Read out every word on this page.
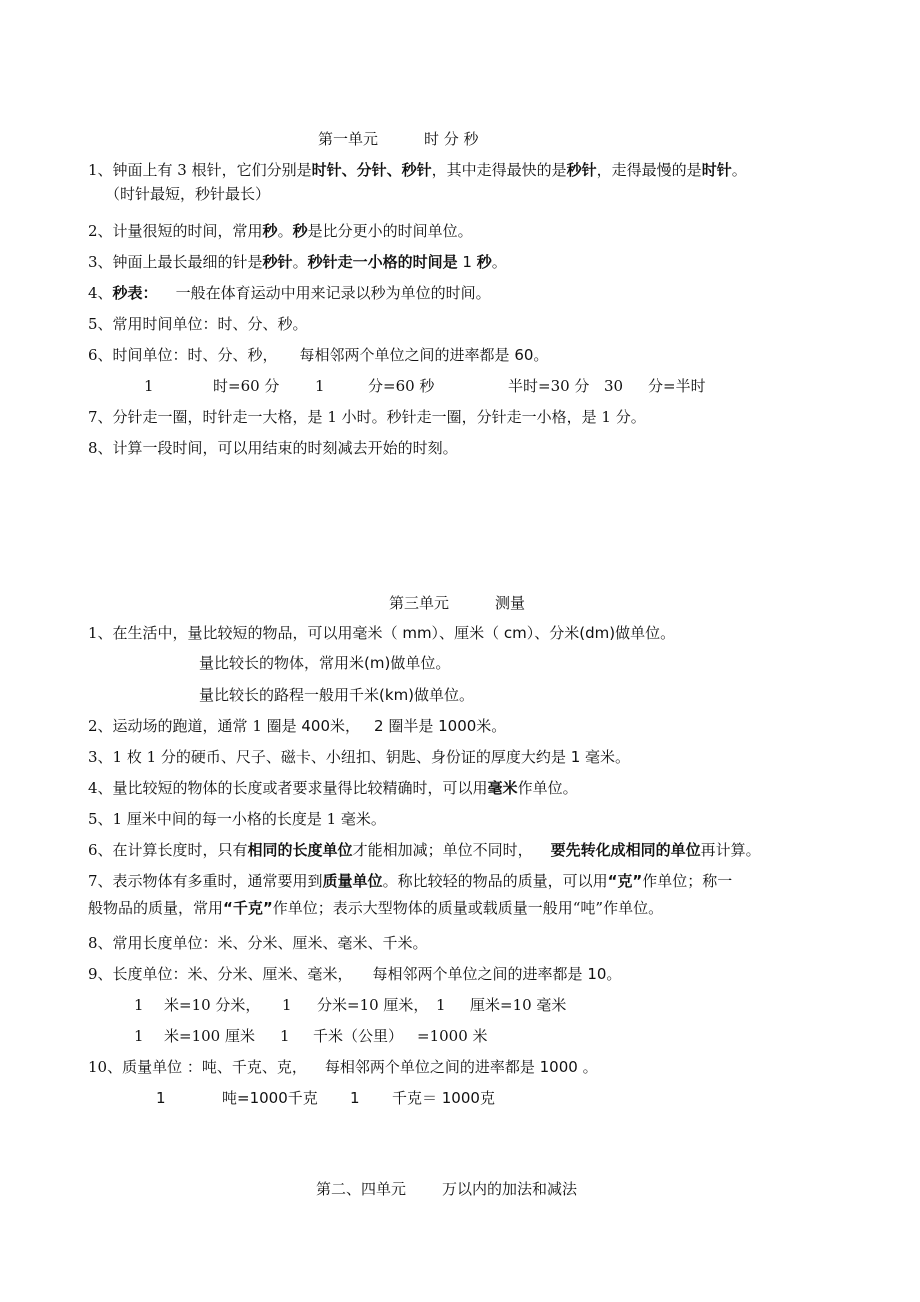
第一单元	时 分 秒
1、钟面上有 3 根针，它们分别是时针、分针、秒针，其中走得最快的是秒针，走得最慢的是时针。
（时针最短，秒针最长）
2、计量很短的时间，常用秒。秒是比分更小的时间单位。
3、钟面上最长最细的针是秒针。秒针走一小格的时间是 1 秒。
4、秒表： 一般在体育运动中用来记录以秒为单位的时间。
5、常用时间单位：时、分、秒。
6、时间单位：时、分、秒， 每相邻两个单位之间的进率都是 60。
1	时=60 分 1	分=60 秒	半时=30 分 30 分=半时
7、分针走一圈，时针走一大格，是 1 小时。秒针走一圈，分针走一小格，是 1 分。
8、计算一段时间，可以用结束的时刻减去开始的时刻。
第三单元	测量
1、在生活中，量比较短的物品，可以用毫米（ mm）、厘米（ cm）、分米(dm)做单位。
量比较长的物体，常用米(m)做单位。
量比较长的路程一般用千米(km)做单位。
2、运动场的跑道，通常 1 圈是 400米， 2 圈半是 1000米。
3、1 枚 1 分的硬币、尺子、磁卡、小纽扣、钥匙、身份证的厚度大约是 1 毫米。
4、量比较短的物体的长度或者要求量得比较精确时，可以用毫米作单位。
5、1 厘米中间的每一小格的长度是 1 毫米。
6、在计算长度时，只有相同的长度单位才能相加减；单位不同时， 要先转化成相同的单位再计算。
7、表示物体有多重时，通常要用到质量单位。称比较轻的物品的质量，可以用“克”作单位；称一
般物品的质量，常用“千克”作单位；表示大型物体的质量或载质量一般用“吨”作单位。
8、常用长度单位：米、分米、厘米、毫米、千米。
9、长度单位：米、分米、厘米、毫米， 每相邻两个单位之间的进率都是 10。
1 米=10 分米， 1 分米=10 厘米， 1 厘米=10 毫米
1 米=100 厘米 1 千米（公里） =1000 米
10、质量单位 ：吨、千克、克， 每相邻两个单位之间的进率都是 1000 。
1	吨=1000千克 1 千克＝ 1000克
第二、四单元 万以内的加法和减法
